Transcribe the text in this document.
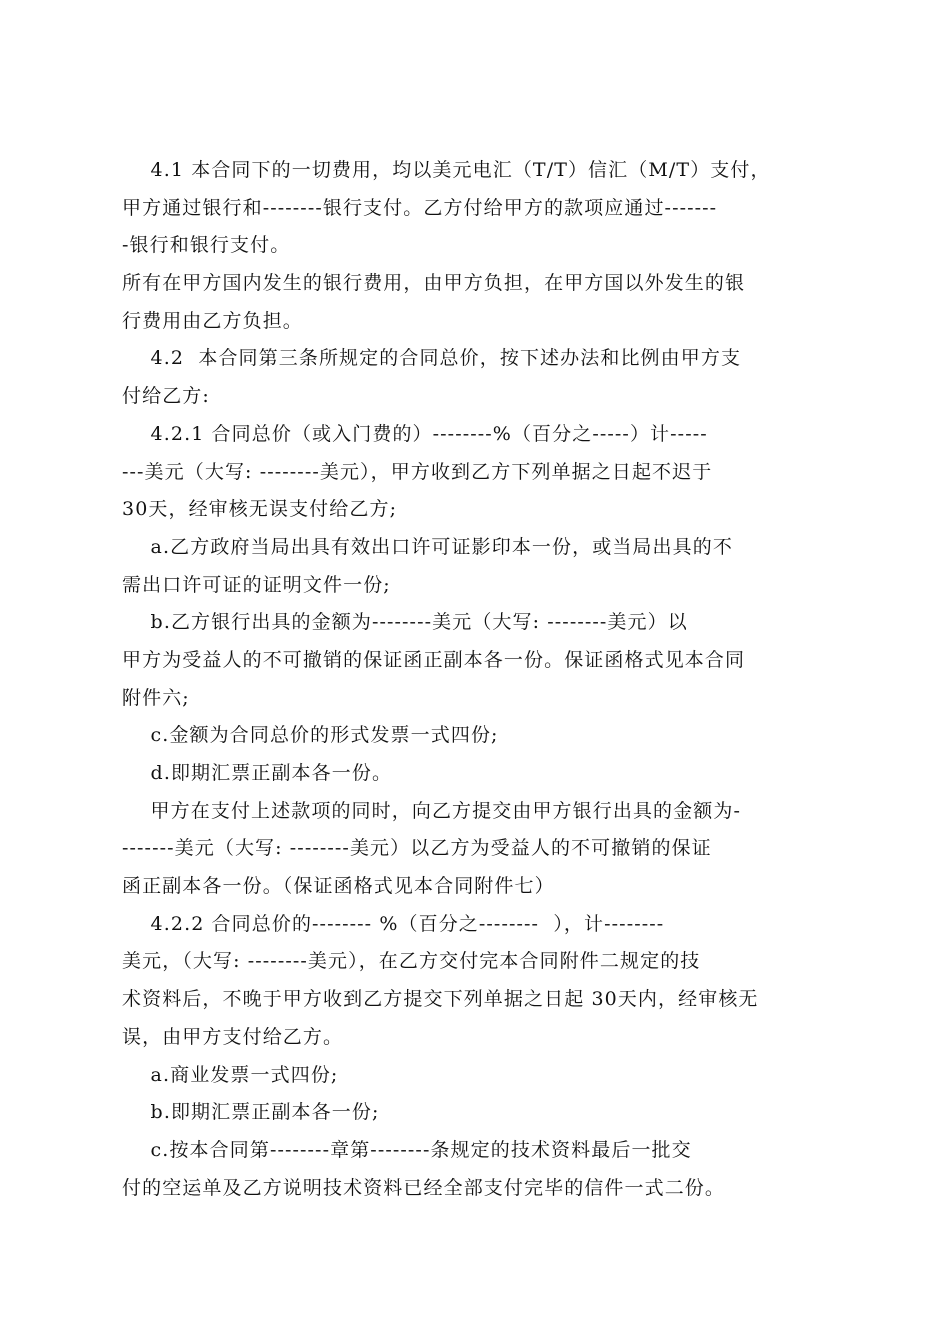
4.1 本合同下的一切费用，均以美元电汇（T/T）信汇（M/T）支付，
甲方通过银行和--------银行支付。乙方付给甲方的款项应通过-------
-银行和银行支付。
所有在甲方国内发生的银行费用，由甲方负担，在甲方国以外发生的银
行费用由乙方负担。
4.2  本合同第三条所规定的合同总价，按下述办法和比例由甲方支
付给乙方:
4.2.1 合同总价（或入门费的）--------%（百分之-----）计-----
---美元（大写: --------美元），甲方收到乙方下列单据之日起不迟于
30天，经审核无误支付给乙方;
a.乙方政府当局出具有效出口许可证影印本一份，或当局出具的不
需出口许可证的证明文件一份;
b.乙方银行出具的金额为--------美元（大写: --------美元）以
甲方为受益人的不可撤销的保证函正副本各一份。保证函格式见本合同
附件六;
c.金额为合同总价的形式发票一式四份;
d.即期汇票正副本各一份。
甲方在支付上述款项的同时，向乙方提交由甲方银行出具的金额为-
-------美元（大写: --------美元）以乙方为受益人的不可撤销的保证
函正副本各一份。（保证函格式见本合同附件七）
4.2.2 合同总价的-------- %（百分之--------  ），计--------
美元，（大写: --------美元），在乙方交付完本合同附件二规定的技
术资料后，不晚于甲方收到乙方提交下列单据之日起 30天内，经审核无
误，由甲方支付给乙方。
a.商业发票一式四份;
b.即期汇票正副本各一份;
c.按本合同第--------章第--------条规定的技术资料最后一批交
付的空运单及乙方说明技术资料已经全部支付完毕的信件一式二份。
